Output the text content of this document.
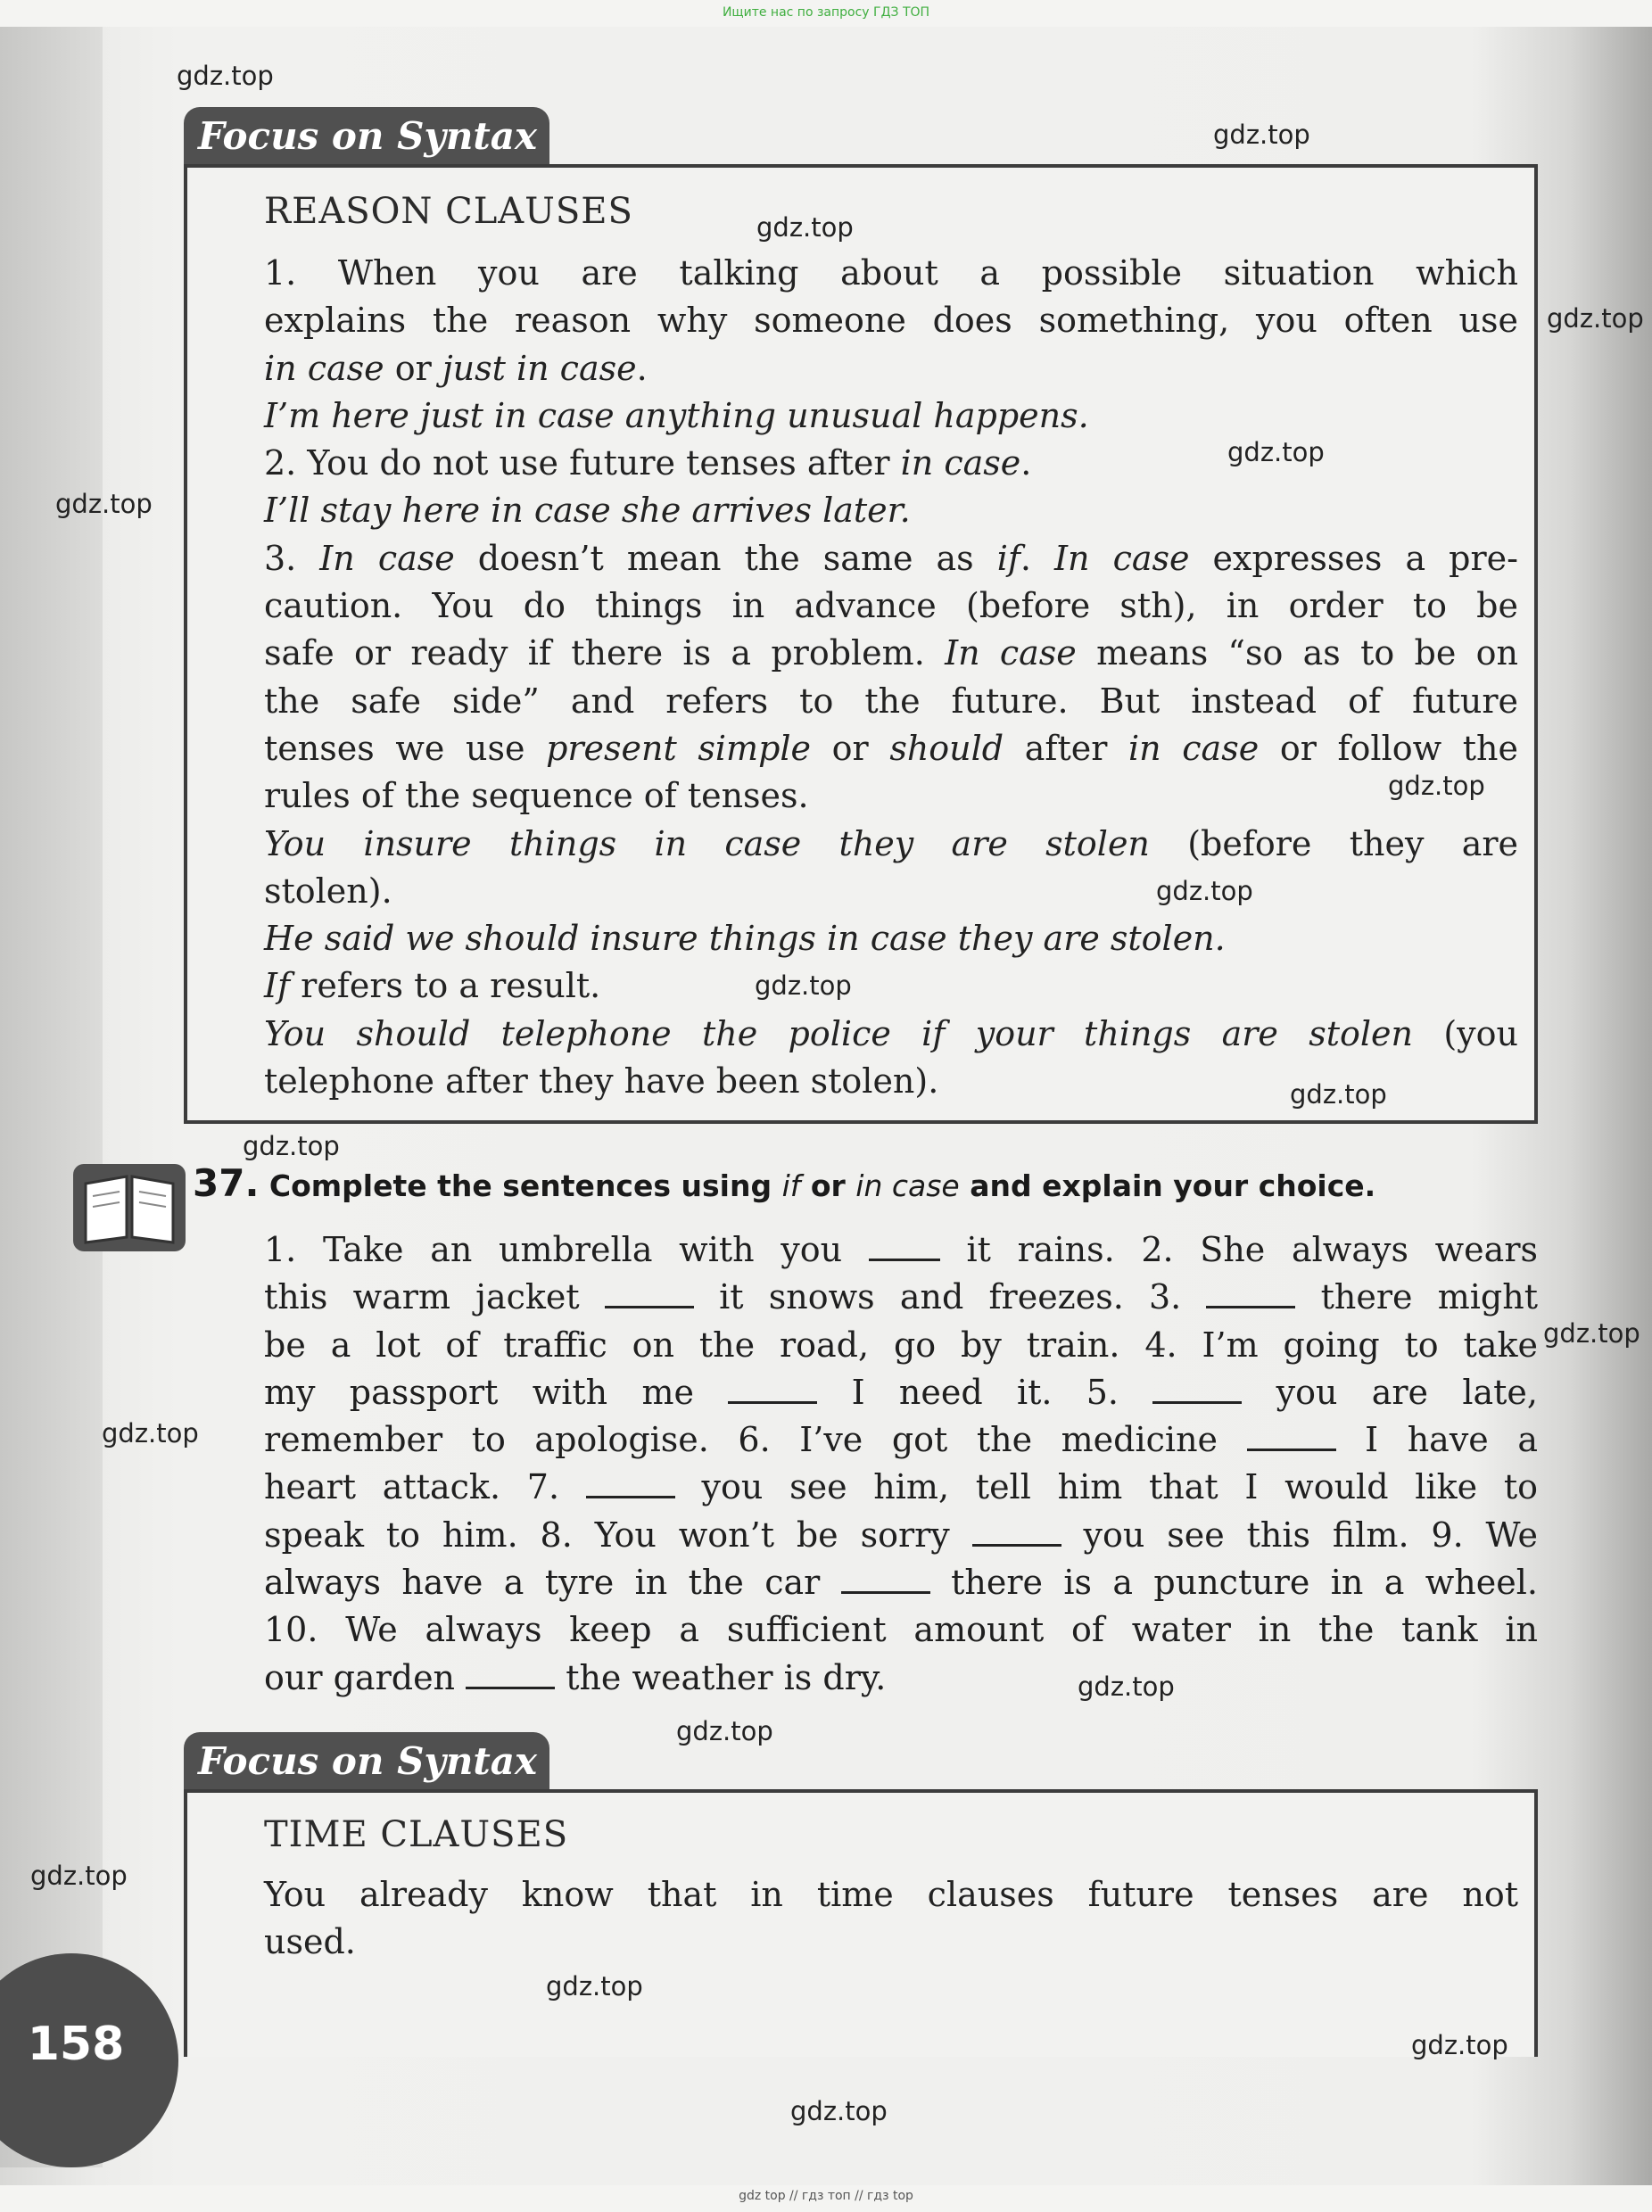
Ищите нас по запросу ГДЗ ТОП
Focus on Syntax
REASON CLAUSES
1. When you are talking about a possible situation which
explains the reason why someone does something, you often use
in case or just in case.
I’m here just in case anything unusual happens.
2. You do not use future tenses after in case.
I’ll stay here in case she arrives later.
3. In case doesn’t mean the same as if. In case expresses a pre-
caution. You do things in advance (before sth), in order to be
safe or ready if there is a problem. In case means “so as to be on
the safe side” and refers to the future. But instead of future
tenses we use present simple or should after in case or follow the
rules of the sequence of tenses.
You insure things in case they are stolen (before they are
stolen).
He said we should insure things in case they are stolen.
If refers to a result.
You should telephone the police if your things are stolen (you
telephone after they have been stolen).
37. Complete the sentences using if or in case and explain your choice.
1. Take an umbrella with you  it rains. 2. She always wears
this warm jacket	it snows and freezes. 3.	there might
be a lot of traffic on the road, go by train. 4. I’m going to take
my passport with me	I need it. 5.	you are late,
remember to apologise. 6. I’ve got the medicine	I have a
heart attack. 7.	you see him, tell him that I would like to
speak to him. 8. You won’t be sorry	you see this film. 9. We
always have a tyre in the car	there is a puncture in a wheel.
10. We always keep a sufficient amount of water in the tank in
our garden	the weather is dry.
Focus on Syntax
TIME CLAUSES
You already know that in time clauses future tenses are not
used.
158
gdz.top
gdz.top
gdz.top
gdz.top
gdz.top
gdz.top
gdz.top
gdz.top
gdz.top
gdz.top
gdz.top
gdz.top
gdz.top
gdz.top
gdz.top
gdz.top
gdz.top
gdz.top
gdz.top
gdz top // гдз топ // гдз top
